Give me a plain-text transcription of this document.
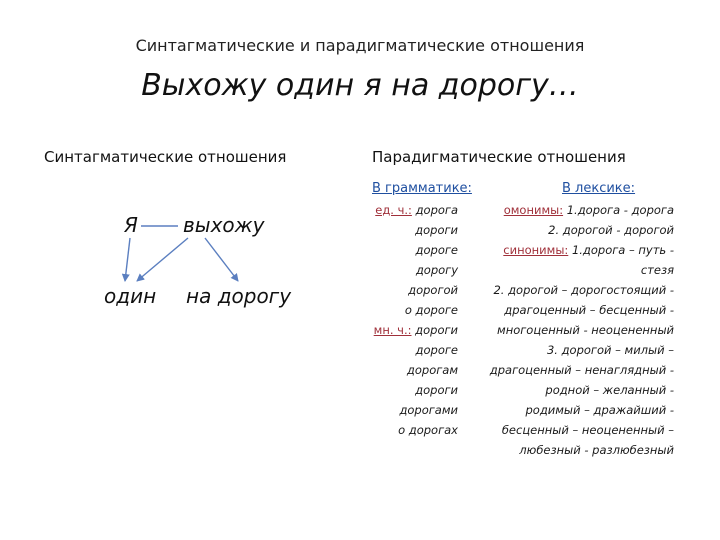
Синтагматические и парадигматические отношения
Выхожу один я на дорогу…
Синтагматические отношения	Парадигматические отношения
В грамматике:	В лексике:
Я выхожу
один на дорогу
ед. ч.: дорога
дороги
дороге
дорогу
дорогой
о дороге
мн. ч.: дороги
дороге
дорогам
дороги
дорогами
о дорогах
омонимы: 1.дорога - дорога
2. дорогой - дорогой
синонимы: 1.дорога – путь -
стезя
2. дорогой – дорогостоящий -
драгоценный – бесценный -
многоценный - неоцененный
3. дорогой – милый –
драгоценный – ненаглядный -
родной – желанный -
родимый – дражайший -
бесценный – неоцененный –
любезный - разлюбезный
